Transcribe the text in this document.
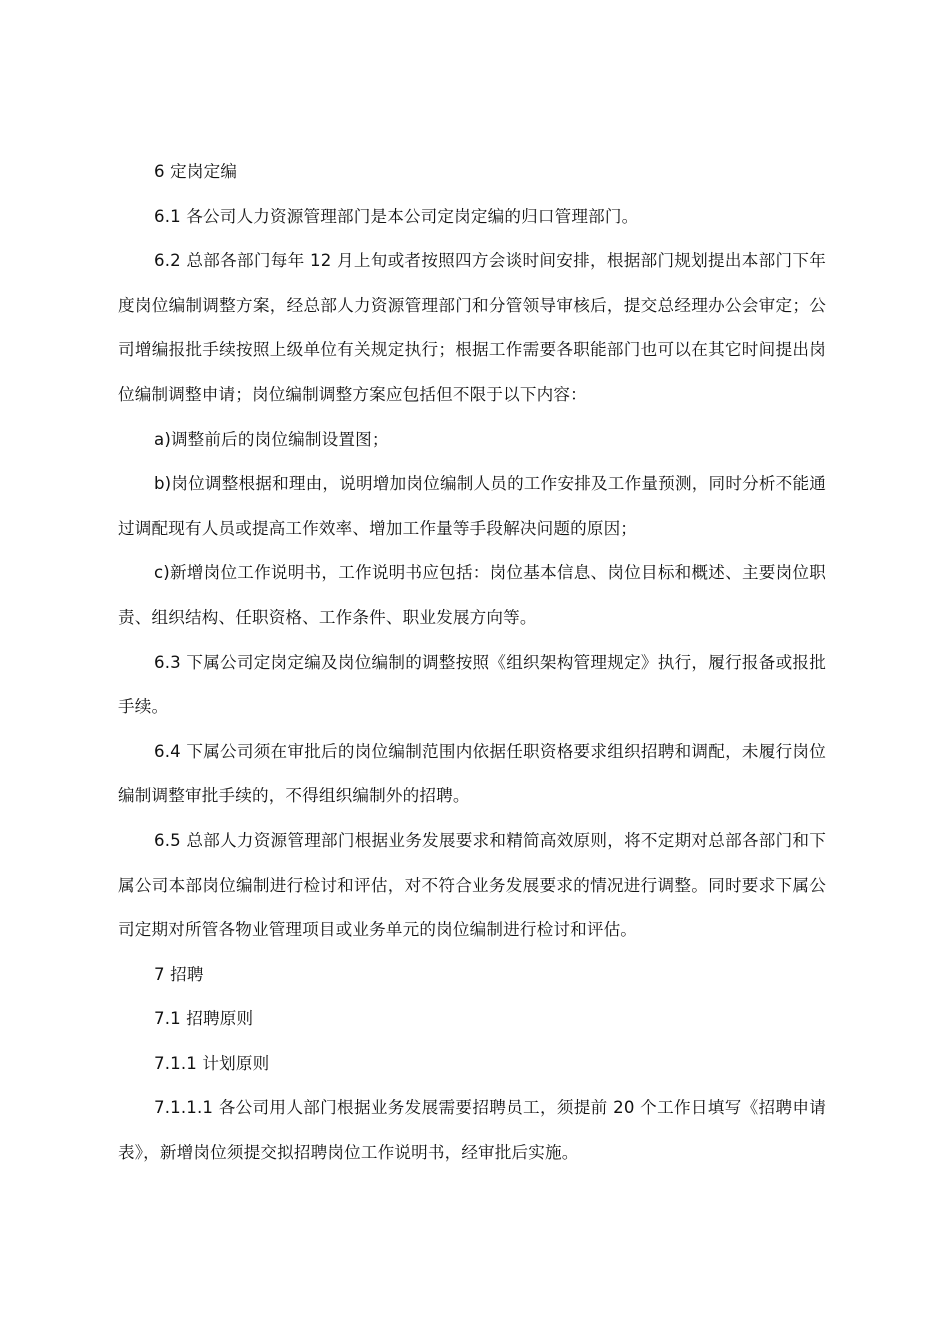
6 定岗定编

6.1 各公司人力资源管理部门是本公司定岗定编的归口管理部门。

6.2 总部各部门每年 12 月上旬或者按照四方会谈时间安排，根据部门规划提出本部门下年度岗位编制调整方案，经总部人力资源管理部门和分管领导审核后，提交总经理办公会审定；公司增编报批手续按照上级单位有关规定执行；根据工作需要各职能部门也可以在其它时间提出岗位编制调整申请；岗位编制调整方案应包括但不限于以下内容：

a)调整前后的岗位编制设置图；

b)岗位调整根据和理由，说明增加岗位编制人员的工作安排及工作量预测，同时分析不能通过调配现有人员或提高工作效率、增加工作量等手段解决问题的原因；

c)新增岗位工作说明书，工作说明书应包括：岗位基本信息、岗位目标和概述、主要岗位职责、组织结构、任职资格、工作条件、职业发展方向等。

6.3 下属公司定岗定编及岗位编制的调整按照《组织架构管理规定》执行，履行报备或报批手续。

6.4 下属公司须在审批后的岗位编制范围内依据任职资格要求组织招聘和调配，未履行岗位编制调整审批手续的，不得组织编制外的招聘。

6.5 总部人力资源管理部门根据业务发展要求和精简高效原则，将不定期对总部各部门和下属公司本部岗位编制进行检讨和评估，对不符合业务发展要求的情况进行调整。同时要求下属公司定期对所管各物业管理项目或业务单元的岗位编制进行检讨和评估。

7 招聘

7.1 招聘原则

7.1.1 计划原则

7.1.1.1 各公司用人部门根据业务发展需要招聘员工，须提前 20 个工作日填写《招聘申请表》，新增岗位须提交拟招聘岗位工作说明书，经审批后实施。
